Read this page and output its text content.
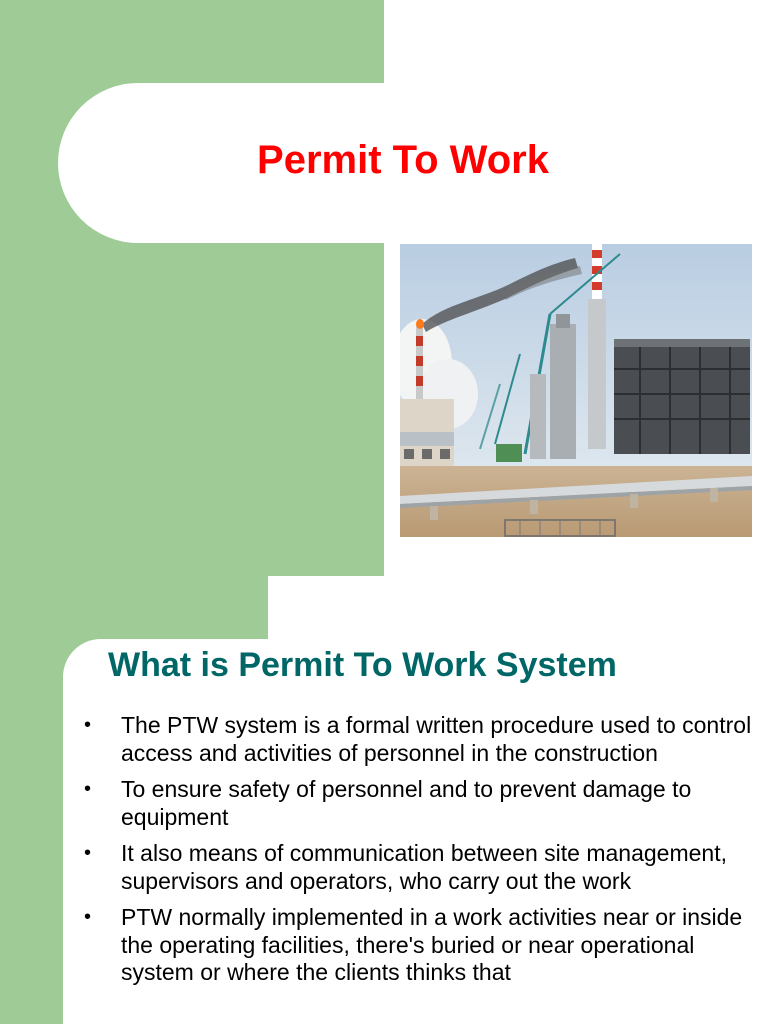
Permit To Work
What is Permit To Work System
• The PTW system is a formal written procedure used to control access and activities of personnel in the construction
• To ensure safety of personnel and to prevent damage to equipment
• It also means of communication between site management, supervisors and operators, who carry out the work
• PTW normally implemented in a work activities near or inside the operating facilities, there's buried or near operational system or where the clients thinks that
